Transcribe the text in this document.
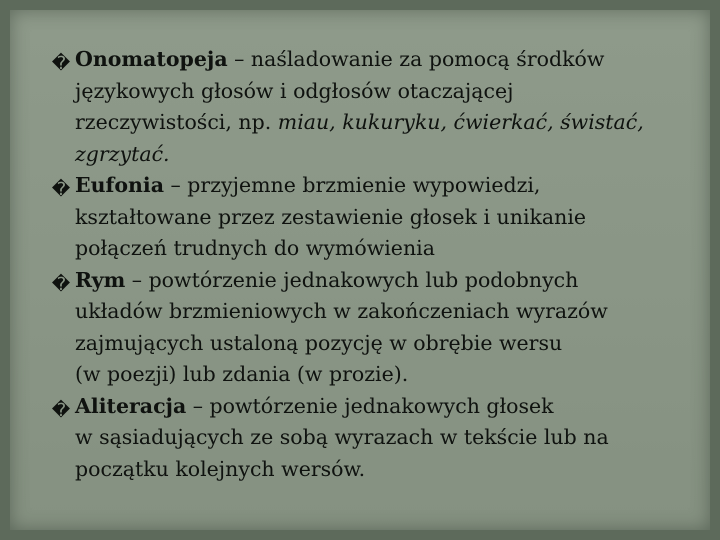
� Onomatopeja – naśladowanie za pomocą środków
językowych głosów i odgłosów otaczającej
rzeczywistości, np. miau, kukuryku, ćwierkać, świstać,
zgrzytać.
� Eufonia – przyjemne brzmienie wypowiedzi,
kształtowane przez zestawienie głosek i unikanie
połączeń trudnych do wymówienia
� Rym – powtórzenie jednakowych lub podobnych
układów brzmieniowych w zakończeniach wyrazów
zajmujących ustaloną pozycję w obrębie wersu
(w poezji) lub zdania (w prozie).
� Aliteracja – powtórzenie jednakowych głosek
w sąsiadujących ze sobą wyrazach w tekście lub na
początku kolejnych wersów.
